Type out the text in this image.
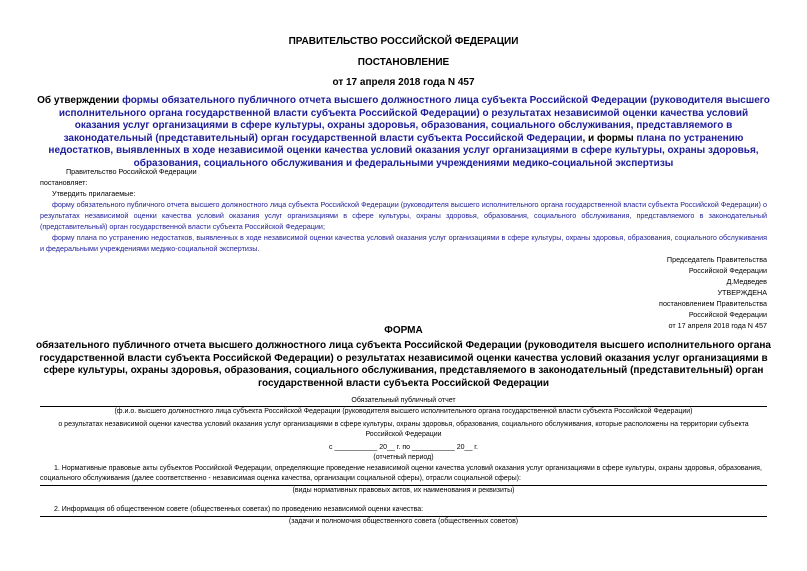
ПРАВИТЕЛЬСТВО РОССИЙСКОЙ ФЕДЕРАЦИИ
ПОСТАНОВЛЕНИЕ
от 17 апреля 2018 года N 457
Об утверждении формы обязательного публичного отчета высшего должностного лица субъекта Российской Федерации (руководителя высшего исполнительного органа государственной власти субъекта Российской Федерации) о результатах независимой оценки качества условий оказания услуг организациями в сфере культуры, охраны здоровья, образования, социального обслуживания, представляемого в законодательный (представительный) орган государственной власти субъекта Российской Федерации, и формы плана по устранению недостатков, выявленных в ходе независимой оценки качества условий оказания услуг организациями в сфере культуры, охраны здоровья, образования, социального обслуживания и федеральными учреждениями медико-социальной экспертизы
Правительство Российской Федерации
постановляет:
Утвердить прилагаемые:
форму обязательного публичного отчета высшего должностного лица субъекта Российской Федерации (руководителя высшего исполнительного органа государственной власти субъекта Российской Федерации) о результатах независимой оценки качества условий оказания услуг организациями в сфере культуры, охраны здоровья, образования, социального обслуживания, представляемого в законодательный (представительный) орган государственной власти субъекта Российской Федерации;
форму плана по устранению недостатков, выявленных в ходе независимой оценки качества условий оказания услуг организациями в сфере культуры, охраны здоровья, образования, социального обслуживания и федеральными учреждениями медико-социальной экспертизы.
Председатель Правительства
Российской Федерации
Д.Медведев
УТВЕРЖДЕНА
постановлением Правительства
Российской Федерации
от 17 апреля 2018 года N 457
ФОРМА
обязательного публичного отчета высшего должностного лица субъекта Российской Федерации (руководителя высшего исполнительного органа государственной власти субъекта Российской Федерации) о результатах независимой оценки качества условий оказания услуг организациями в сфере культуры, охраны здоровья, образования, социального обслуживания, представляемого в законодательный (представительный) орган государственной власти субъекта Российской Федерации
Обязательный публичный отчет
(ф.и.о. высшего должностного лица субъекта Российской Федерации (руководителя высшего исполнительного органа государственной власти субъекта Российской Федерации)
о результатах независимой оценки качества условий оказания услуг организациями в сфере культуры, охраны здоровья, образования, социального обслуживания, которые расположены на территории субъекта Российской Федерации
с ___________ 20__ г. по ___________ 20__ г.
(отчетный период)
1. Нормативные правовые акты субъектов Российской Федерации, определяющие проведение независимой оценки качества условий оказания услуг организациями в сфере культуры, охраны здоровья, образования, социального обслуживания (далее соответственно - независимая оценка качества, организации социальной сферы), отрасли социальной сферы):
(виды нормативных правовых актов, их наименования и реквизиты)
2. Информация об общественном совете (общественных советах) по проведению независимой оценки качества:
(задачи и полномочия общественного совета (общественных советов)
